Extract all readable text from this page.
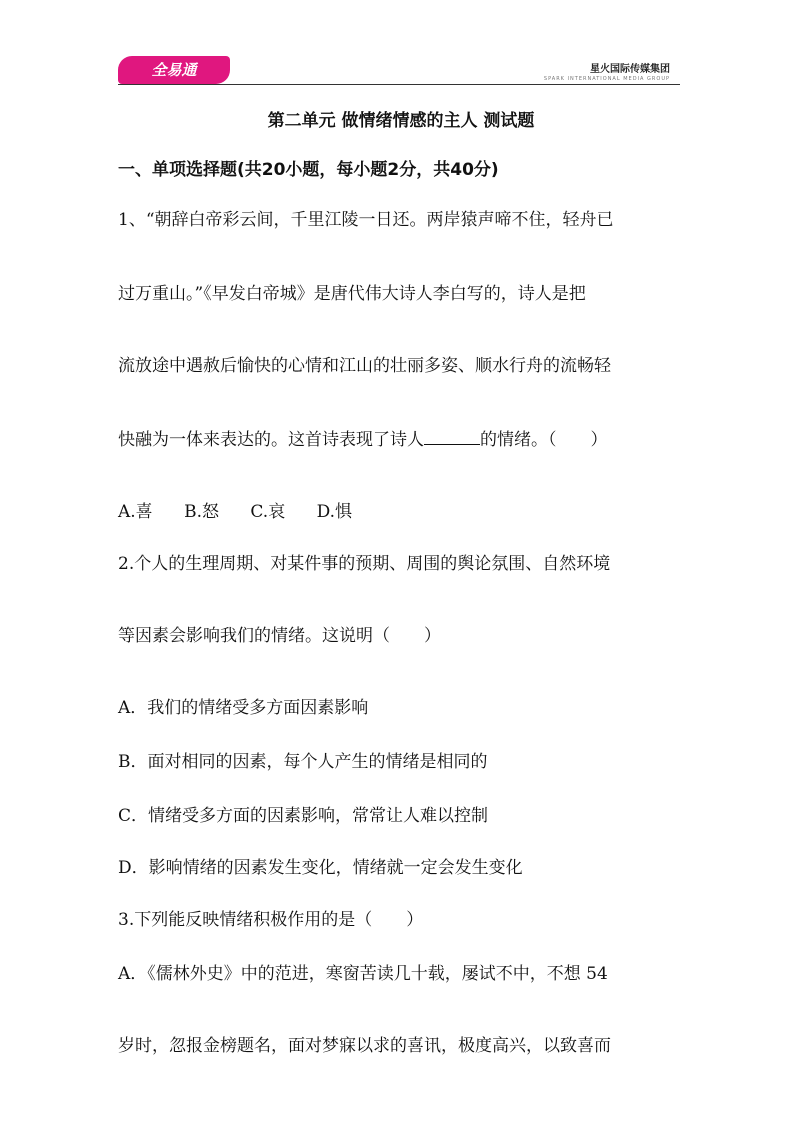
全易通	星火国际传媒集团
SPARK INTERNATIONAL MEDIA GROUP
第二单元 做情绪情感的主人 测试题
一、单项选择题(共20小题，每小题2分，共40分)
1、“朝辞白帝彩云间，千里江陵一日还。两岸猿声啼不住，轻舟已
过万重山。”《早发白帝城》是唐代伟大诗人李白写的，诗人是把
流放途中遇赦后愉快的心情和江山的壮丽多姿、顺水行舟的流畅轻
快融为一体来表达的。这首诗表现了诗人	的情绪。（　　）
A.喜 B.怒 C.哀 D.惧
2.个人的生理周期、对某件事的预期、周围的舆论氛围、自然环境
等因素会影响我们的情绪。这说明（　　）
A．我们的情绪受多方面因素影响
B．面对相同的因素，每个人产生的情绪是相同的
C．情绪受多方面的因素影响，常常让人难以控制
D．影响情绪的因素发生变化，情绪就一定会发生变化
3.下列能反映情绪积极作用的是（　　）
A．《儒林外史》中的范进，寒窗苦读几十载，屡试不中，不想 54
岁时，忽报金榜题名，面对梦寐以求的喜讯，极度高兴，以致喜而
